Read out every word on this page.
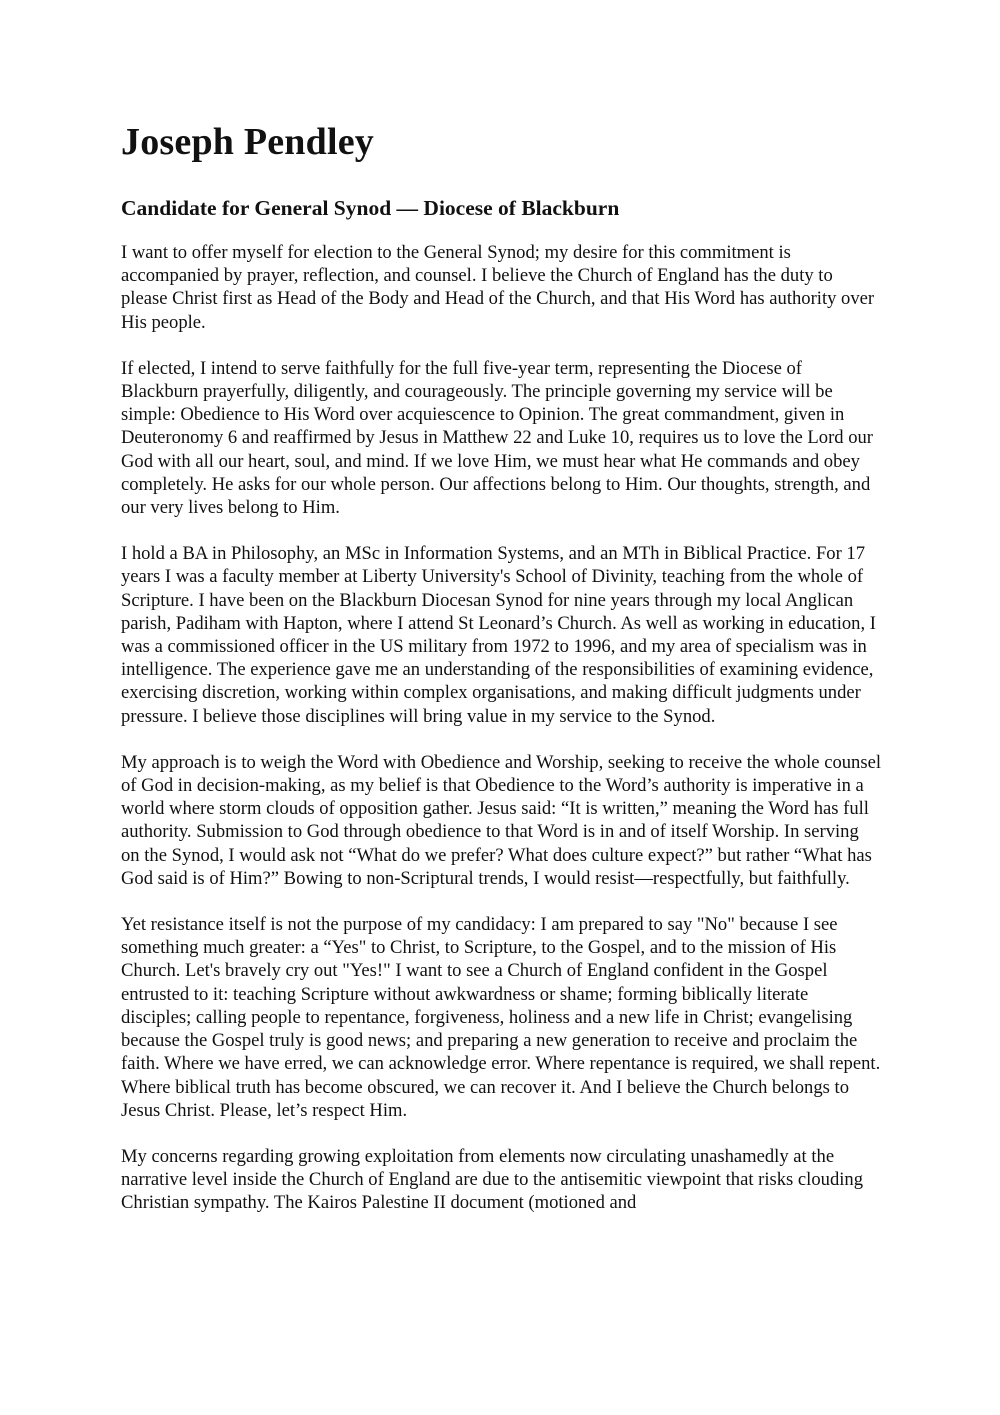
Joseph Pendley
Candidate for General Synod — Diocese of Blackburn

I want to offer myself for election to the General Synod; my desire for this commitment is accompanied by prayer, reflection, and counsel. I believe the Church of England has the duty to please Christ first as Head of the Body and Head of the Church, and that His Word has authority over His people.

If elected, I intend to serve faithfully for the full five-year term, representing the Diocese of Blackburn prayerfully, diligently, and courageously. The principle governing my service will be simple: Obedience to His Word over acquiescence to Opinion. The great commandment, given in Deuteronomy 6 and reaffirmed by Jesus in Matthew 22 and Luke 10, requires us to love the Lord our God with all our heart, soul, and mind. If we love Him, we must hear what He commands and obey completely. He asks for our whole person. Our affections belong to Him. Our thoughts, strength, and our very lives belong to Him.

I hold a BA in Philosophy, an MSc in Information Systems, and an MTh in Biblical Practice. For 17 years I was a faculty member at Liberty University's School of Divinity, teaching from the whole of Scripture. I have been on the Blackburn Diocesan Synod for nine years through my local Anglican parish, Padiham with Hapton, where I attend St Leonard’s Church. As well as working in education, I was a commissioned officer in the US military from 1972 to 1996, and my area of specialism was in intelligence. The experience gave me an understanding of the responsibilities of examining evidence, exercising discretion, working within complex organisations, and making difficult judgments under pressure. I believe those disciplines will bring value in my service to the Synod.

My approach is to weigh the Word with Obedience and Worship, seeking to receive the whole counsel of God in decision-making, as my belief is that Obedience to the Word’s authority is imperative in a world where storm clouds of opposition gather. Jesus said: “It is written,” meaning the Word has full authority. Submission to God through obedience to that Word is in and of itself Worship. In serving on the Synod, I would ask not “What do we prefer? What does culture expect?” but rather “What has God said is of Him?” Bowing to non-Scriptural trends, I would resist—respectfully, but faithfully.

Yet resistance itself is not the purpose of my candidacy: I am prepared to say "No" because I see something much greater: a “Yes" to Christ, to Scripture, to the Gospel, and to the mission of His Church. Let's bravely cry out "Yes!" I want to see a Church of England confident in the Gospel entrusted to it: teaching Scripture without awkwardness or shame; forming biblically literate disciples; calling people to repentance, forgiveness, holiness and a new life in Christ; evangelising because the Gospel truly is good news; and preparing a new generation to receive and proclaim the faith. Where we have erred, we can acknowledge error. Where repentance is required, we shall repent. Where biblical truth has become obscured, we can recover it. And I believe the Church belongs to Jesus Christ. Please, let’s respect Him.

My concerns regarding growing exploitation from elements now circulating unashamedly at the narrative level inside the Church of England are due to the antisemitic viewpoint that risks clouding Christian sympathy. The Kairos Palestine II document (motioned and
